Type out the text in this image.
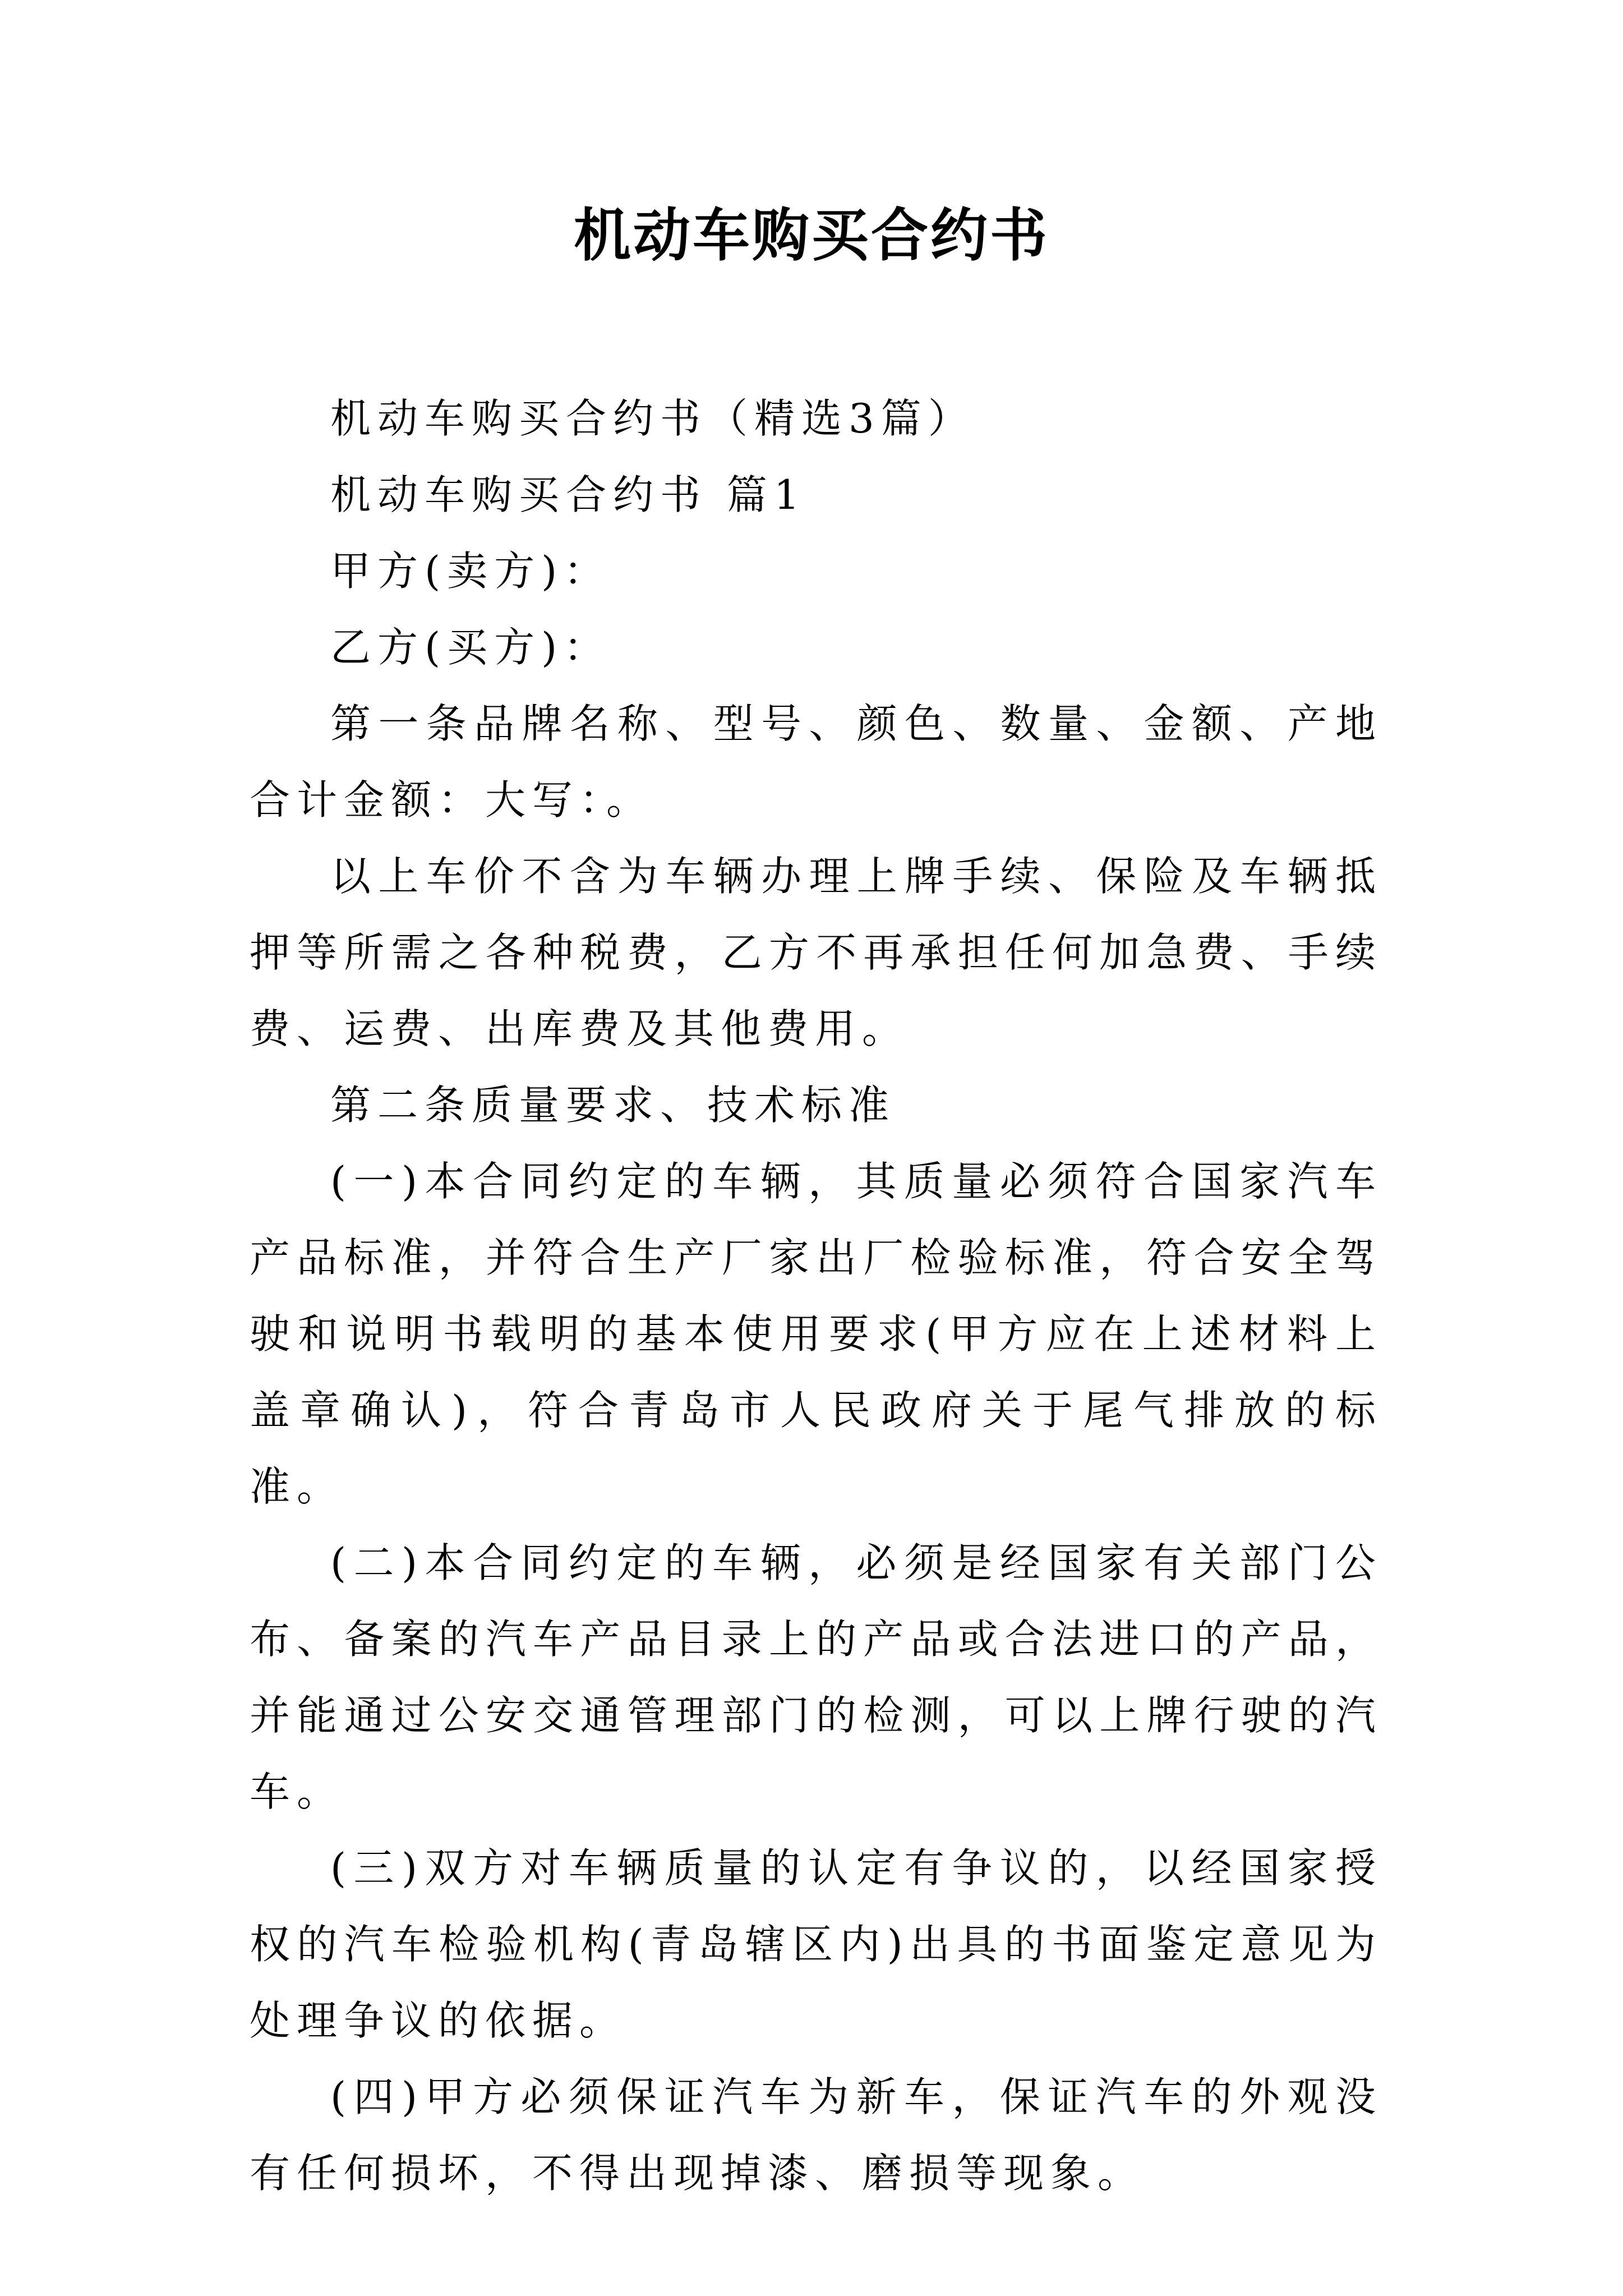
机动车购买合约书

机动车购买合约书（精选3篇）

机动车购买合约书 篇1

甲方(卖方)：

乙方(买方)：

第一条品牌名称、型号、颜色、数量、金额、产地合计金额：大写：。

以上车价不含为车辆办理上牌手续、保险及车辆抵押等所需之各种税费，乙方不再承担任何加急费、手续费、运费、出库费及其他费用。

第二条质量要求、技术标准

(一)本合同约定的车辆，其质量必须符合国家汽车产品标准，并符合生产厂家出厂检验标准，符合安全驾驶和说明书载明的基本使用要求(甲方应在上述材料上盖章确认)，符合青岛市人民政府关于尾气排放的标准。

(二)本合同约定的车辆，必须是经国家有关部门公布、备案的汽车产品目录上的产品或合法进口的产品，并能通过公安交通管理部门的检测，可以上牌行驶的汽车。

(三)双方对车辆质量的认定有争议的，以经国家授权的汽车检验机构(青岛辖区内)出具的书面鉴定意见为处理争议的依据。

(四)甲方必须保证汽车为新车，保证汽车的外观没有任何损坏，不得出现掉漆、磨损等现象。
